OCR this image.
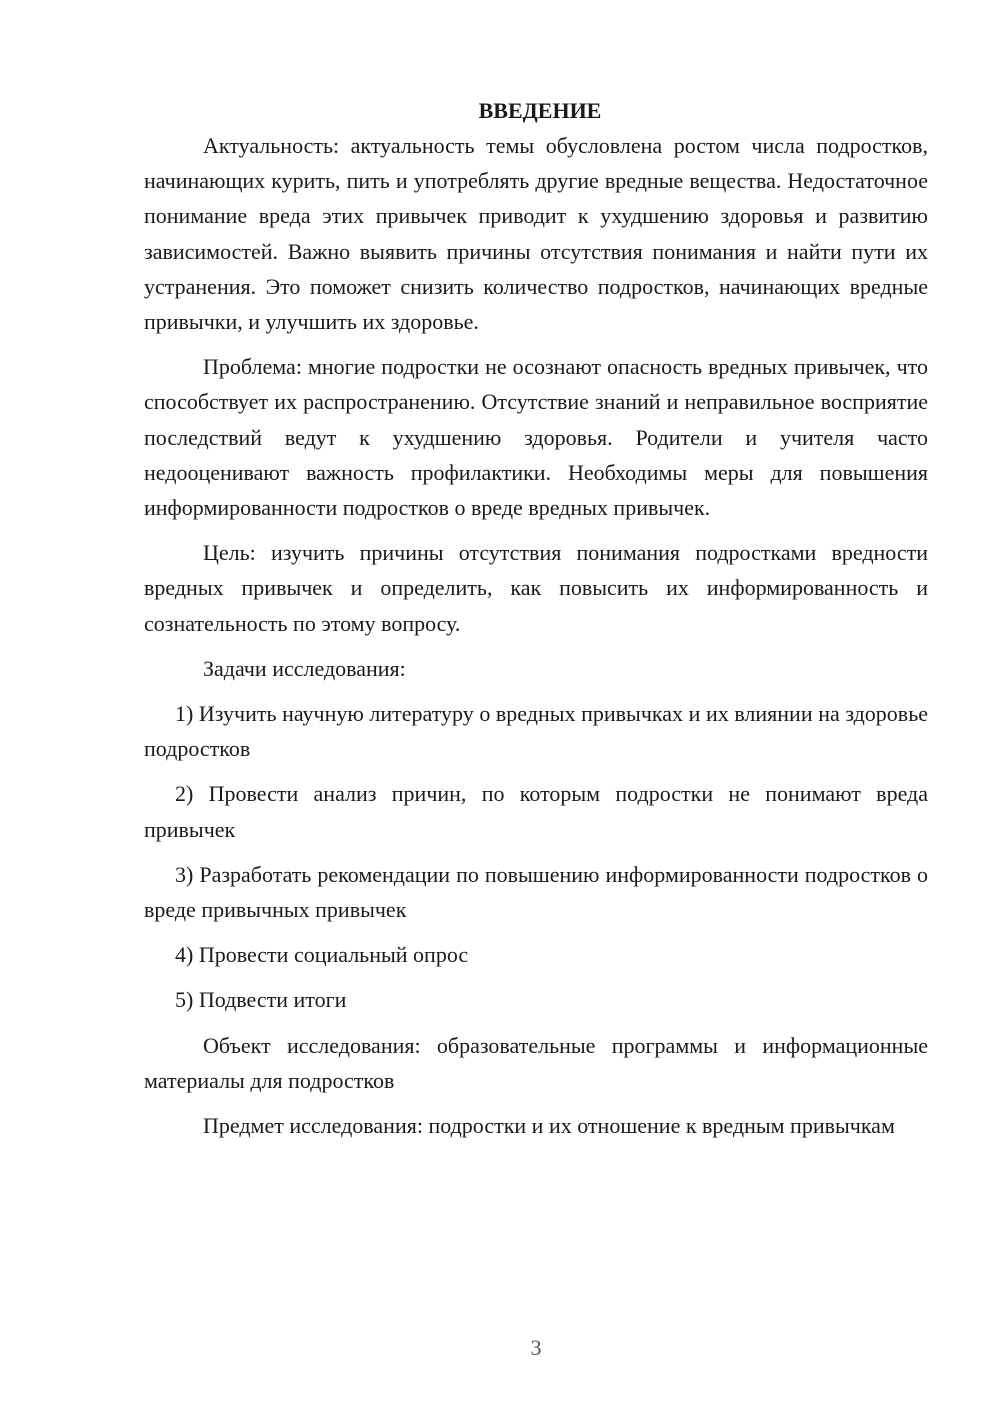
ВВЕДЕНИЕ

Актуальность: актуальность темы обусловлена ростом числа подростков, начинающих курить, пить и употреблять другие вредные вещества. Недостаточное понимание вреда этих привычек приводит к ухудшению здоровья и развитию зависимостей. Важно выявить причины отсутствия понимания и найти пути их устранения. Это поможет снизить количество подростков, начинающих вредные привычки, и улучшить их здоровье.

Проблема: многие подростки не осознают опасность вредных привычек, что способствует их распространению. Отсутствие знаний и неправильное восприятие последствий ведут к ухудшению здоровья. Родители и учителя часто недооценивают важность профилактики. Необходимы меры для повышения информированности подростков о вреде вредных привычек.

Цель: изучить причины отсутствия понимания подростками вредности вредных привычек и определить, как повысить их информированность и сознательность по этому вопросу.

Задачи исследования:

1) Изучить научную литературу о вредных привычках и их влиянии на здоровье подростков

2) Провести анализ причин, по которым подростки не понимают вреда привычек

3) Разработать рекомендации по повышению информированности подростков о вреде привычных привычек

4) Провести социальный опрос

5) Подвести итоги

Объект исследования: образовательные программы и информационные материалы для подростков

Предмет исследования: подростки и их отношение к вредным привычкам

3
